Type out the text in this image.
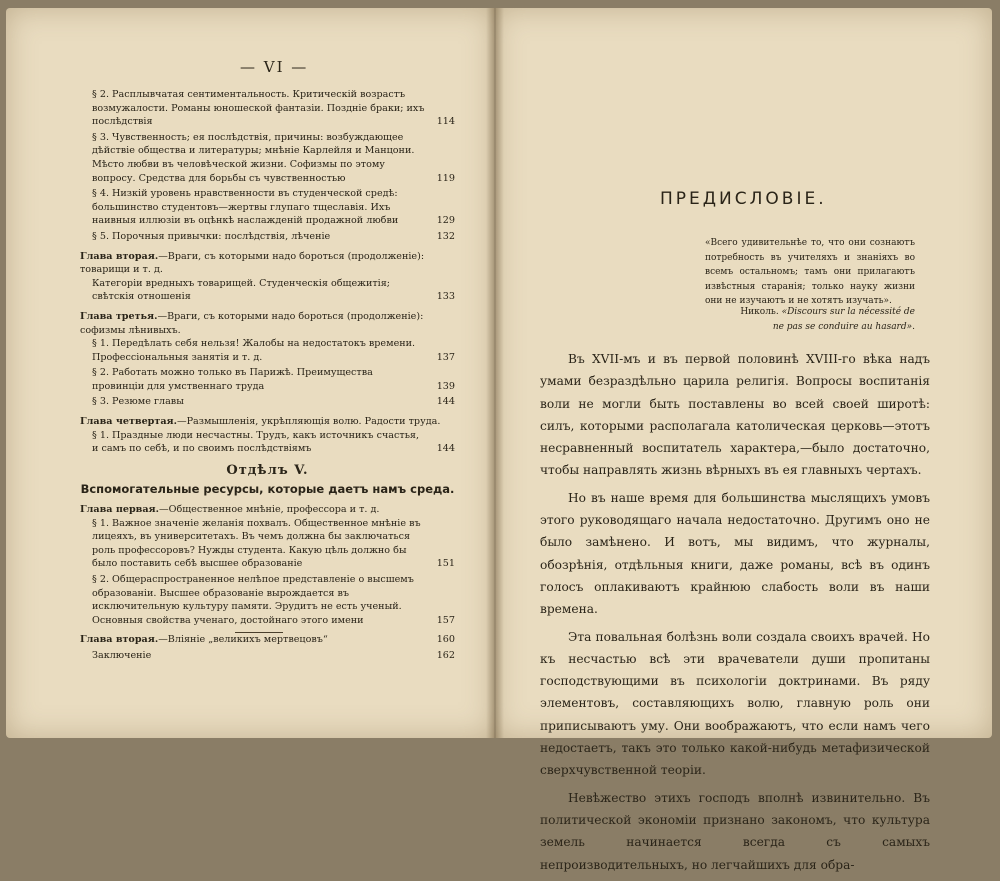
— VI —
§ 2. Расплывчатая сентиментальность. Критическій возрастъ возмужалости. Романы юношеской фантазіи. Поздніе браки; ихъ послѣдствія	114
§ 3. Чувственность; ея послѣдствія, причины: возбуждающее дѣйствіе общества и литературы; мнѣніе Карлейля и Манцони. Мѣсто любви въ человѣческой жизни. Софизмы по этому вопросу. Средства для борьбы съ чувственностью	119
§ 4. Низкій уровень нравственности въ студенческой средѣ: большинство студентовъ—жертвы глупаго тщеславія. Ихъ наивныя иллюзіи въ оцѣнкѣ наслажденій продажной любви	129
§ 5. Порочныя привычки: послѣдствія, лѣченіе	132
Глава вторая.—Враги, съ которыми надо бороться (продолженіе): товарищи и т. д.
Категоріи вредныхъ товарищей. Студенческія общежитія; свѣтскія отношенія	133
Глава третья.—Враги, съ которыми надо бороться (продолженіе): софизмы лѣнивыхъ.
§ 1. Передѣлать себя нельзя! Жалобы на недостатокъ времени. Профессіональныя занятія и т. д.	137
§ 2. Работать можно только въ Парижѣ. Преимущества провинціи для умственнаго труда	139
§ 3. Резюме главы	144
Глава четвертая.—Размышленія, укрѣпляющія волю. Радости труда.
§ 1. Праздные люди несчастны. Трудъ, какъ источникъ счастья, и самъ по себѣ, и по своимъ послѣдствіямъ	144
Отдѣлъ V.
Вспомогательные ресурсы, которые даетъ намъ среда.
Глава первая.—Общественное мнѣніе, профессора и т. д.
§ 1. Важное значеніе желанія похвалъ. Общественное мнѣніе въ лицеяхъ, въ университетахъ. Въ чемъ должна бы заключаться роль профессоровъ? Нужды студента. Какую цѣль должно бы было поставить себѣ высшее образованіе	151
§ 2. Общераспространенное нелѣпое представленіе о высшемъ образованіи. Высшее образованіе вырождается въ исключительную культуру памяти. Эрудитъ не есть ученый. Основныя свойства ученаго, достойнаго этого имени	157
Глава вторая.—Вліяніе „великихъ мертвецовъ“	160
Заключеніе	162
ПРЕДИСЛОВІЕ.
«Всего удивительнѣе то, что они сознаютъ потребность въ учителяхъ и знаніяхъ во всемъ остальномъ; тамъ они прилагаютъ извѣстныя старанія; только науку жизни они не изучаютъ и не хотятъ изучать».
Николь. «Discours sur la nécessité de ne pas se conduire au hasard».

Въ XVII-мъ и въ первой половинѣ XVIII-го вѣка надъ умами безраздѣльно царила религія. Вопросы воспитанія воли не могли быть поставлены во всей своей широтѣ: силъ, которыми располагала католическая церковь—этотъ несравненный воспитатель характера,—было достаточно, чтобы направлять жизнь вѣрныхъ въ ея главныхъ чертахъ.

Но въ наше время для большинства мыслящихъ умовъ этого руководящаго начала недостаточно. Другимъ оно не было замѣнено. И вотъ, мы видимъ, что журналы, обозрѣнія, отдѣльныя книги, даже романы, всѣ въ одинъ голосъ оплакиваютъ крайнюю слабость воли въ наши времена.

Эта повальная болѣзнь воли создала своихъ врачей. Но къ несчастью всѣ эти врачеватели души пропитаны господствующими въ психологіи доктринами. Въ ряду элементовъ, составляющихъ волю, главную роль они приписываютъ уму. Они воображаютъ, что если намъ чего недостаетъ, такъ это только какой-нибудь метафизической сверхчувственной теоріи.

Невѣжество этихъ господъ вполнѣ извинительно. Въ политической экономіи признано закономъ, что культура земель начинается всегда съ самыхъ непроизводительныхъ, но легчайшихъ для обра-
